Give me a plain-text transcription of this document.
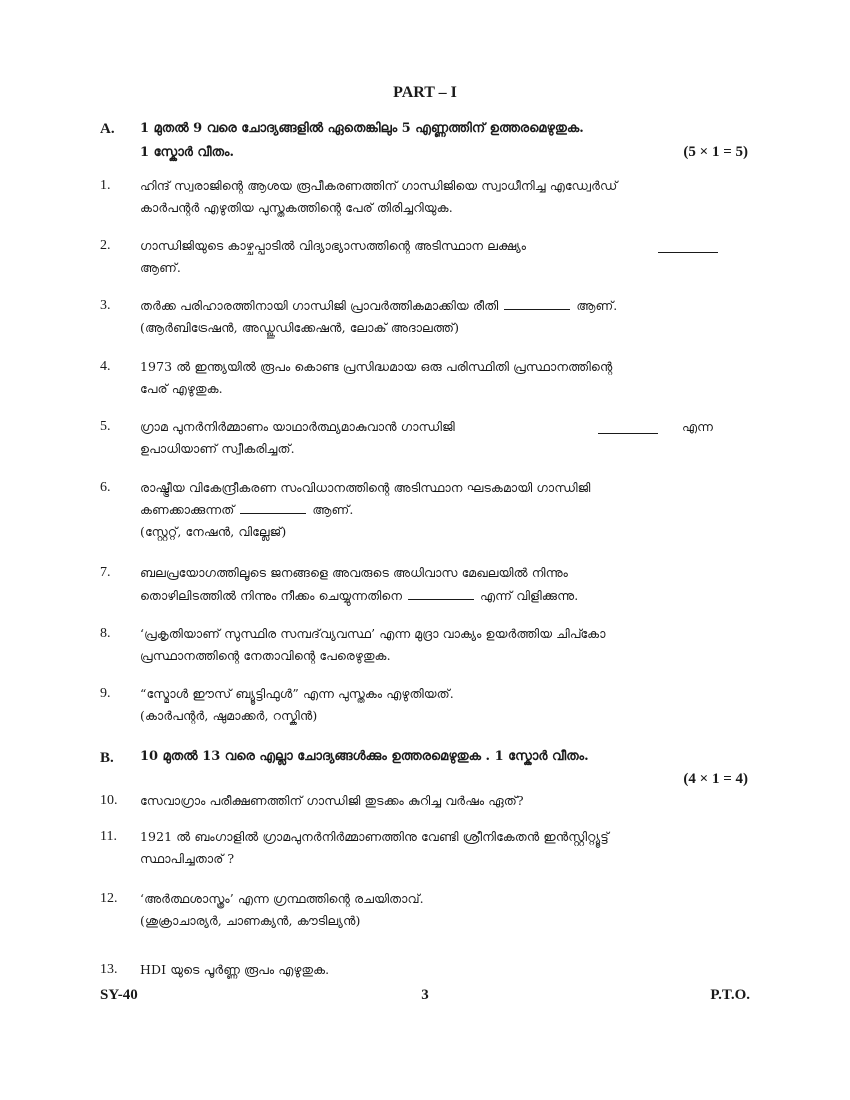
PART – I
A. 1 മുതൽ 9 വരെ ചോദ്യങ്ങളിൽ ഏതെങ്കിലും 5 എണ്ണത്തിന് ഉത്തരമെഴുതുക.
1 സ്കോർ വീതം.	(5 × 1 = 5)
1. ഹിന്ദ് സ്വരാജിന്റെ ആശയ രൂപീകരണത്തിന് ഗാന്ധിജിയെ സ്വാധീനിച്ച എഡ്വേർഡ്
കാർപന്റർ എഴുതിയ പുസ്തകത്തിന്റെ പേര് തിരിച്ചറിയുക.
2. ഗാന്ധിജിയുടെ കാഴ്ചപ്പാടിൽ വിദ്യാഭ്യാസത്തിന്റെ അടിസ്ഥാന ലക്ഷ്യം
ആണ്.
3. തർക്ക പരിഹാരത്തിനായി ഗാന്ധിജി പ്രാവർത്തികമാക്കിയ രീതി	ആണ്.
(ആർബിട്രേഷൻ, അഡ്ജൂഡിക്കേഷൻ, ലോക് അദാലത്ത്)
4. 1973 ൽ ഇന്ത്യയിൽ രൂപം കൊണ്ട പ്രസിദ്ധമായ ഒരു പരിസ്ഥിതി പ്രസ്ഥാനത്തിന്റെ
പേര് എഴുതുക.
5. ഗ്രാമ പുനർനിർമ്മാണം യാഥാർത്ഥ്യമാകുവാൻ ഗാന്ധിജി	എന്ന
ഉപാധിയാണ് സ്വീകരിച്ചത്.
6. രാഷ്ട്രീയ വികേന്ദ്രീകരണ സംവിധാനത്തിന്റെ അടിസ്ഥാന ഘടകമായി ഗാന്ധിജി
കണക്കാക്കുന്നത്	ആണ്.
(സ്റ്റേറ്റ്, നേഷൻ, വില്ലേജ്)
7. ബലപ്രയോഗത്തിലൂടെ ജനങ്ങളെ അവരുടെ അധിവാസ മേഖലയിൽ നിന്നും
തൊഴിലിടത്തിൽ നിന്നും നീക്കം ചെയ്യുന്നതിനെ	എന്ന് വിളിക്കുന്നു.
8. ‘പ്രകൃതിയാണ് സുസ്ഥിര സമ്പദ്‌വ്യവസ്ഥ’ എന്ന മുദ്രാ വാക്യം ഉയർത്തിയ ചിപ്കോ
പ്രസ്ഥാനത്തിന്റെ നേതാവിന്റെ പേരെഴുതുക.
9. “സ്മോൾ ഈസ് ബ്യൂട്ടിഫുൾ” എന്ന പുസ്തകം എഴുതിയത്.
(കാർപന്റർ, ഷുമാക്കർ, റസ്കിൻ)
B. 10 മുതൽ 13 വരെ എല്ലാ ചോദ്യങ്ങൾക്കും ഉത്തരമെഴുതുക . 1 സ്കോർ വീതം.
(4 × 1 = 4)
10. സേവാഗ്രാം പരീക്ഷണത്തിന് ഗാന്ധിജി തുടക്കം കുറിച്ച വർഷം ഏത്?
11. 1921 ൽ ബംഗാളിൽ ഗ്രാമപുനർനിർമ്മാണത്തിനു വേണ്ടി ശ്രീനികേതൻ ഇൻസ്റ്റിറ്റ്യൂട്ട്
സ്ഥാപിച്ചതാര് ?
12. ‘അർത്ഥശാസ്ത്രം’ എന്ന ഗ്രന്ഥത്തിന്റെ രചയിതാവ്.
(ശുക്രാചാര്യർ, ചാണക്യൻ, കൗടില്യൻ)
13. HDI യുടെ പൂർണ്ണ രൂപം എഴുതുക.
SY-40	3	P.T.O.
